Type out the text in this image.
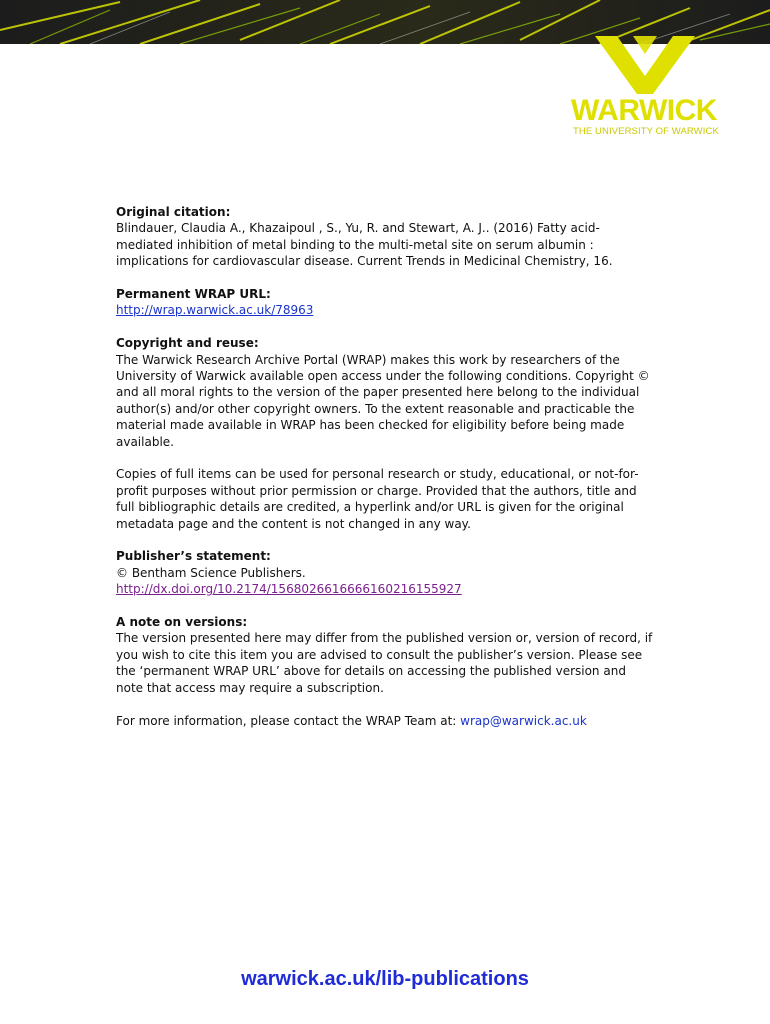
WARWICK
THE UNIVERSITY OF WARWICK
Original citation:
Blindauer, Claudia A., Khazaipoul , S., Yu, R. and Stewart, A. J.. (2016) Fatty acid-mediated inhibition of metal binding to the multi-metal site on serum albumin : implications for cardiovascular disease. Current Trends in Medicinal Chemistry, 16.
Permanent WRAP URL:
http://wrap.warwick.ac.uk/78963
Copyright and reuse:
The Warwick Research Archive Portal (WRAP) makes this work by researchers of the University of Warwick available open access under the following conditions. Copyright © and all moral rights to the version of the paper presented here belong to the individual author(s) and/or other copyright owners. To the extent reasonable and practicable the material made available in WRAP has been checked for eligibility before being made available.
Copies of full items can be used for personal research or study, educational, or not-for-profit purposes without prior permission or charge. Provided that the authors, title and full bibliographic details are credited, a hyperlink and/or URL is given for the original metadata page and the content is not changed in any way.
Publisher’s statement:
© Bentham Science Publishers.
http://dx.doi.org/10.2174/1568026616666160216155927
A note on versions:
The version presented here may differ from the published version or, version of record, if you wish to cite this item you are advised to consult the publisher’s version. Please see the ‘permanent WRAP URL’ above for details on accessing the published version and note that access may require a subscription.
For more information, please contact the WRAP Team at: wrap@warwick.ac.uk
warwick.ac.uk/lib-publications
